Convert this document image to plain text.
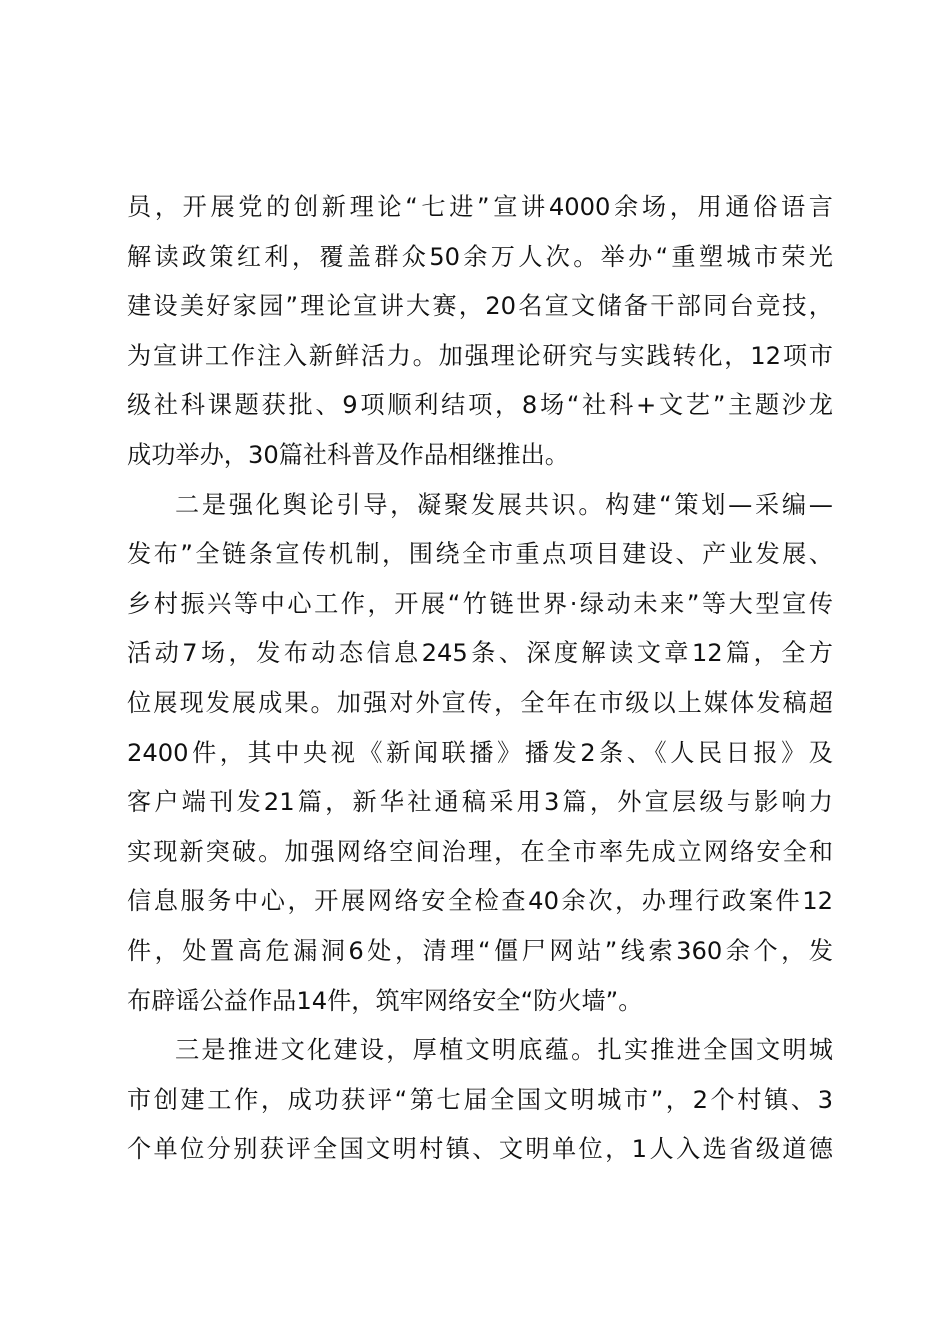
员，开展党的创新理论“七进”宣讲4000余场，用通俗语言
解读政策红利，覆盖群众50余万人次。举办“重塑城市荣光
建设美好家园”理论宣讲大赛，20名宣文储备干部同台竞技，
为宣讲工作注入新鲜活力。加强理论研究与实践转化，12项市
级社科课题获批、9项顺利结项，8场“社科+文艺”主题沙龙
成功举办，30篇社科普及作品相继推出。
二是强化舆论引导，凝聚发展共识。构建“策划—采编—
发布”全链条宣传机制，围绕全市重点项目建设、产业发展、
乡村振兴等中心工作，开展“竹链世界·绿动未来”等大型宣传
活动7场，发布动态信息245条、深度解读文章12篇，全方
位展现发展成果。加强对外宣传，全年在市级以上媒体发稿超
2400件，其中央视《新闻联播》播发2条、《人民日报》及
客户端刊发21篇，新华社通稿采用3篇，外宣层级与影响力
实现新突破。加强网络空间治理，在全市率先成立网络安全和
信息服务中心，开展网络安全检查40余次，办理行政案件12
件，处置高危漏洞6处，清理“僵尸网站”线索360余个，发
布辟谣公益作品14件，筑牢网络安全“防火墙”。
三是推进文化建设，厚植文明底蕴。扎实推进全国文明城
市创建工作，成功获评“第七届全国文明城市”，2个村镇、3
个单位分别获评全国文明村镇、文明单位，1人入选省级道德
